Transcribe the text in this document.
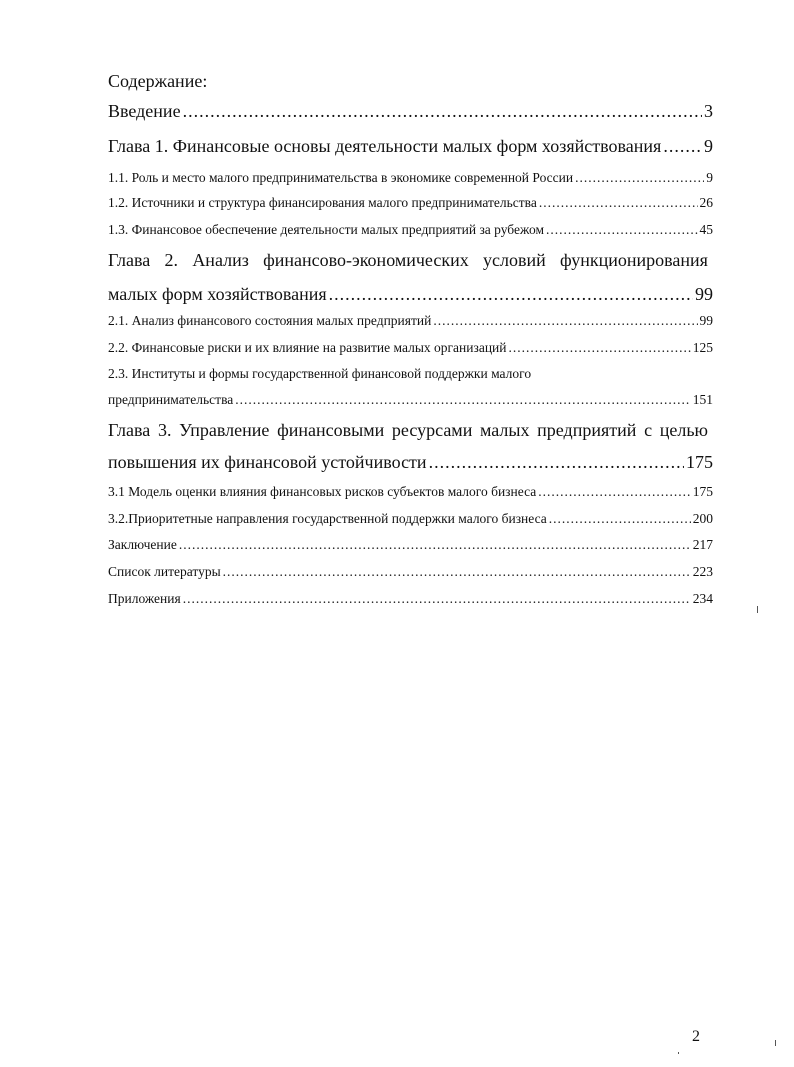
Содержание:
Введение .....	3
Глава 1. Финансовые основы деятельности малых форм хозяйствования ..... 9
1.1. Роль и место малого предпринимательства в экономике современной России .....	9
1.2. Источники и структура финансирования малого предпринимательства .....	26
1.3. Финансовое обеспечение деятельности малых предприятий за рубежом .....	45
Глава 2. Анализ финансово-экономических условий функционирования
малых форм хозяйствования .....	99
2.1. Анализ финансового состояния малых предприятий .....	99
2.2. Финансовые риски и их влияние на развитие малых организаций .....	125
2.3. Институты и формы государственной финансовой поддержки малого
предпринимательства .....	151
Глава 3. Управление финансовыми ресурсами малых предприятий с целью
повышения их финансовой устойчивости .....	175
3.1 Модель оценки влияния финансовых рисков субъектов малого бизнеса .....	175
3.2.Приоритетные направления государственной поддержки малого бизнеса .....	200
Заключение .....	217
Список литературы .....	223
Приложения .....	234
2
